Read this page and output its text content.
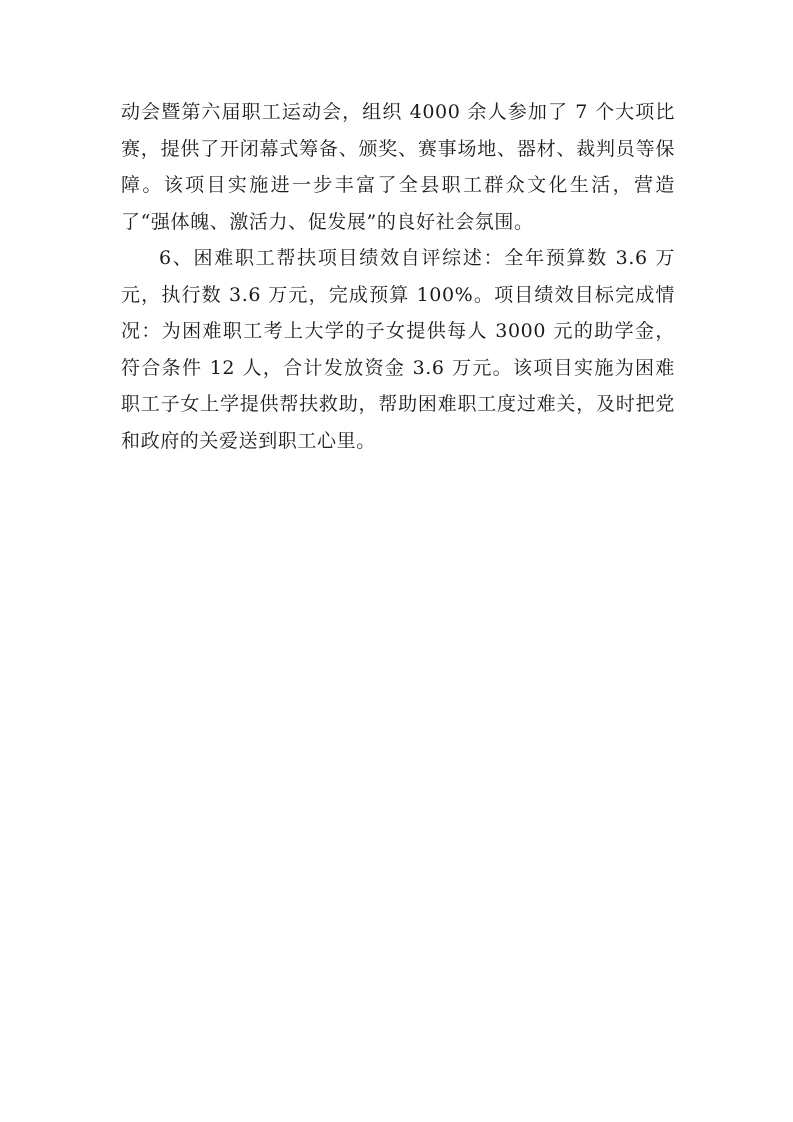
动会暨第六届职工运动会，组织 4000 余人参加了 7 个大项比赛，提供了开闭幕式筹备、颁奖、赛事场地、器材、裁判员等保障。该项目实施进一步丰富了全县职工群众文化生活，营造了“强体魄、激活力、促发展”的良好社会氛围。

6、困难职工帮扶项目绩效自评综述：全年预算数 3.6 万元，执行数 3.6 万元，完成预算 100%。项目绩效目标完成情况：为困难职工考上大学的子女提供每人 3000 元的助学金，符合条件 12 人，合计发放资金 3.6 万元。该项目实施为困难职工子女上学提供帮扶救助，帮助困难职工度过难关，及时把党和政府的关爱送到职工心里。
